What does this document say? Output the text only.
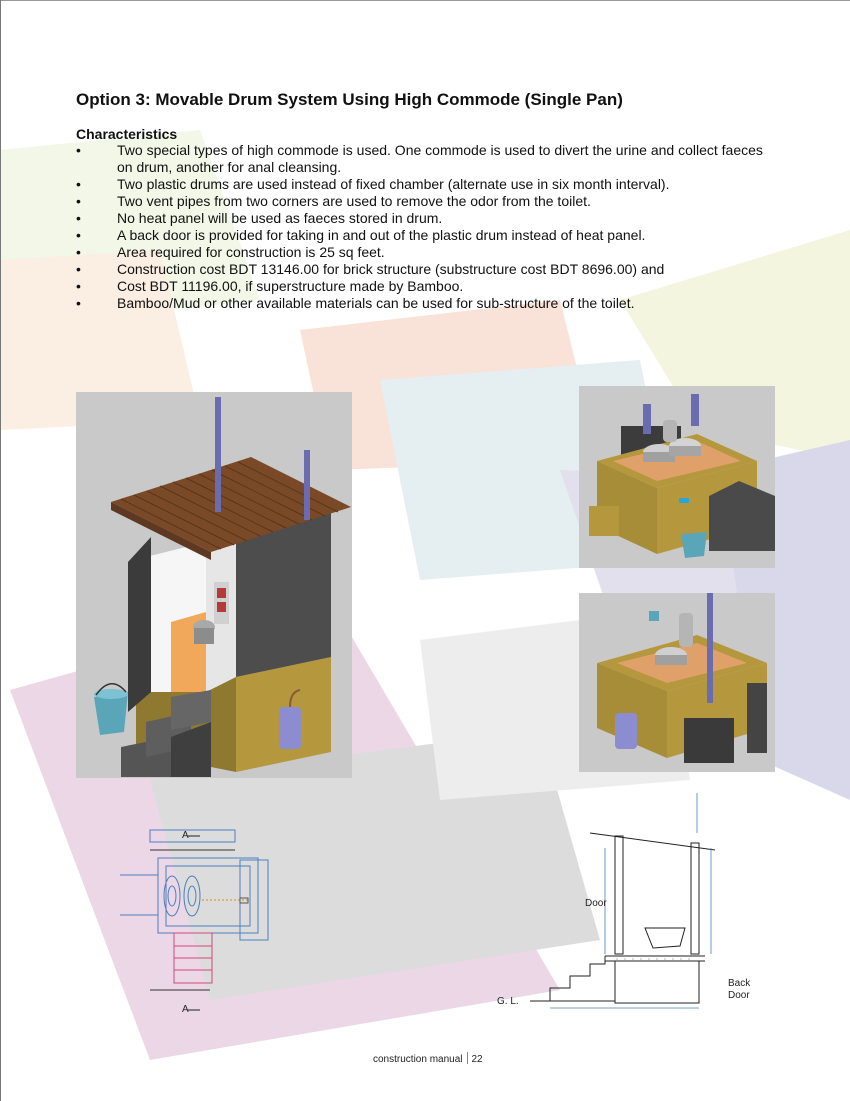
Option 3: Movable Drum System Using High Commode (Single Pan)
Characteristics
•	Two special types of high commode is used. One commode is used to divert the urine and collect faeces on drum, another for anal cleansing.
•	Two plastic drums are used instead of fixed chamber (alternate use in six month interval).
•	Two vent pipes from two corners are used to remove the odor from the toilet.
•	No heat panel will be used as faeces stored in drum.
•	A back door is provided for taking in and out of the plastic drum instead of heat panel.
•	Area required for construction is 25 sq feet.
•	Construction cost BDT 13146.00 for brick structure (substructure cost BDT 8696.00) and
•	Cost BDT 11196.00, if superstructure made by Bamboo.
•	Bamboo/Mud or other available materials can be used for sub-structure of the toilet.
A
A
Door
G. L.
Back
Door
construction manual 22
